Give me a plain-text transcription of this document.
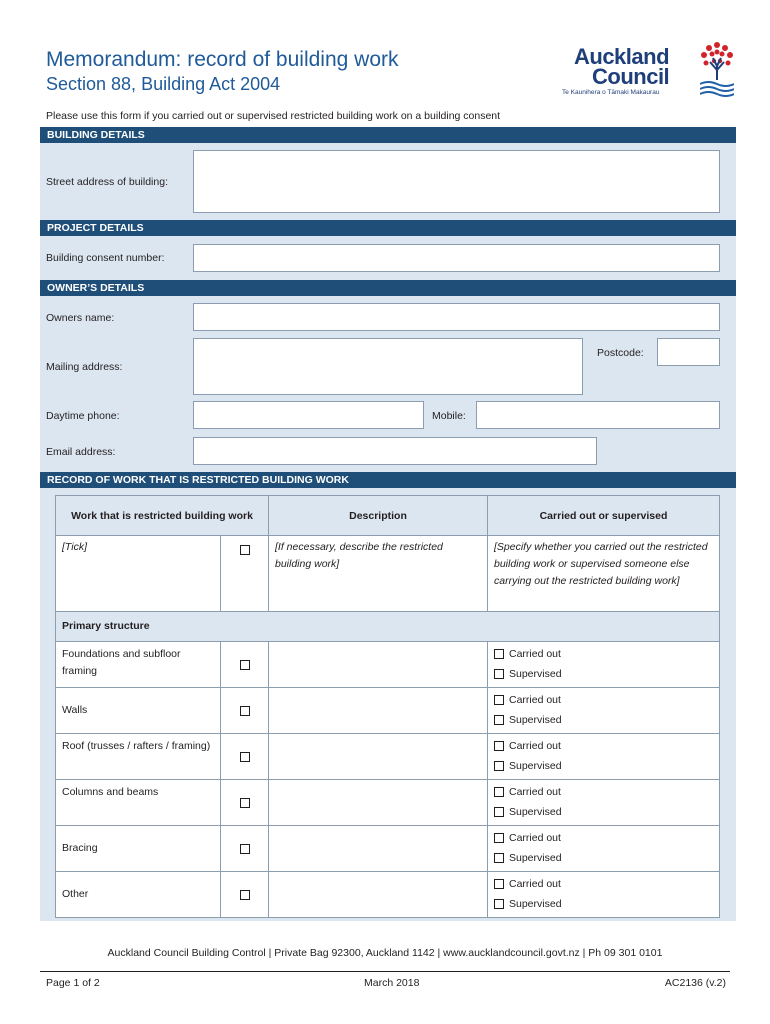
Memorandum: record of building work
Section 88, Building Act 2004
Auckland
Council
Te Kaunihera o Tāmaki Makaurau
Please use this form if you carried out or supervised restricted building work on a building consent
BUILDING DETAILS
Street address of building:
PROJECT DETAILS
Building consent number:
OWNER’S DETAILS
Owners name:
Mailing address:
Postcode:
Daytime phone:	Mobile:
Email address:
RECORD OF WORK THAT IS RESTRICTED BUILDING WORK
Work that is restricted building work		Description	Carried out or supervised
[Tick]		[If necessary, describe the restricted building work]	[Specify whether you carried out the restricted building work or supervised someone else carrying out the restricted building work]
Primary structure			
Foundations and subfloor framing			Carried out
Supervised

Walls			Carried out
Supervised

Roof (trusses / rafters / framing)			Carried out
Supervised

Columns and beams			Carried out
Supervised

Bracing			Carried out
Supervised

Other			Carried out
Supervised
Auckland Council Building Control | Private Bag 92300, Auckland 1142 | www.aucklandcouncil.govt.nz | Ph 09 301 0101
Page 1 of 2	March 2018	AC2136 (v.2)
